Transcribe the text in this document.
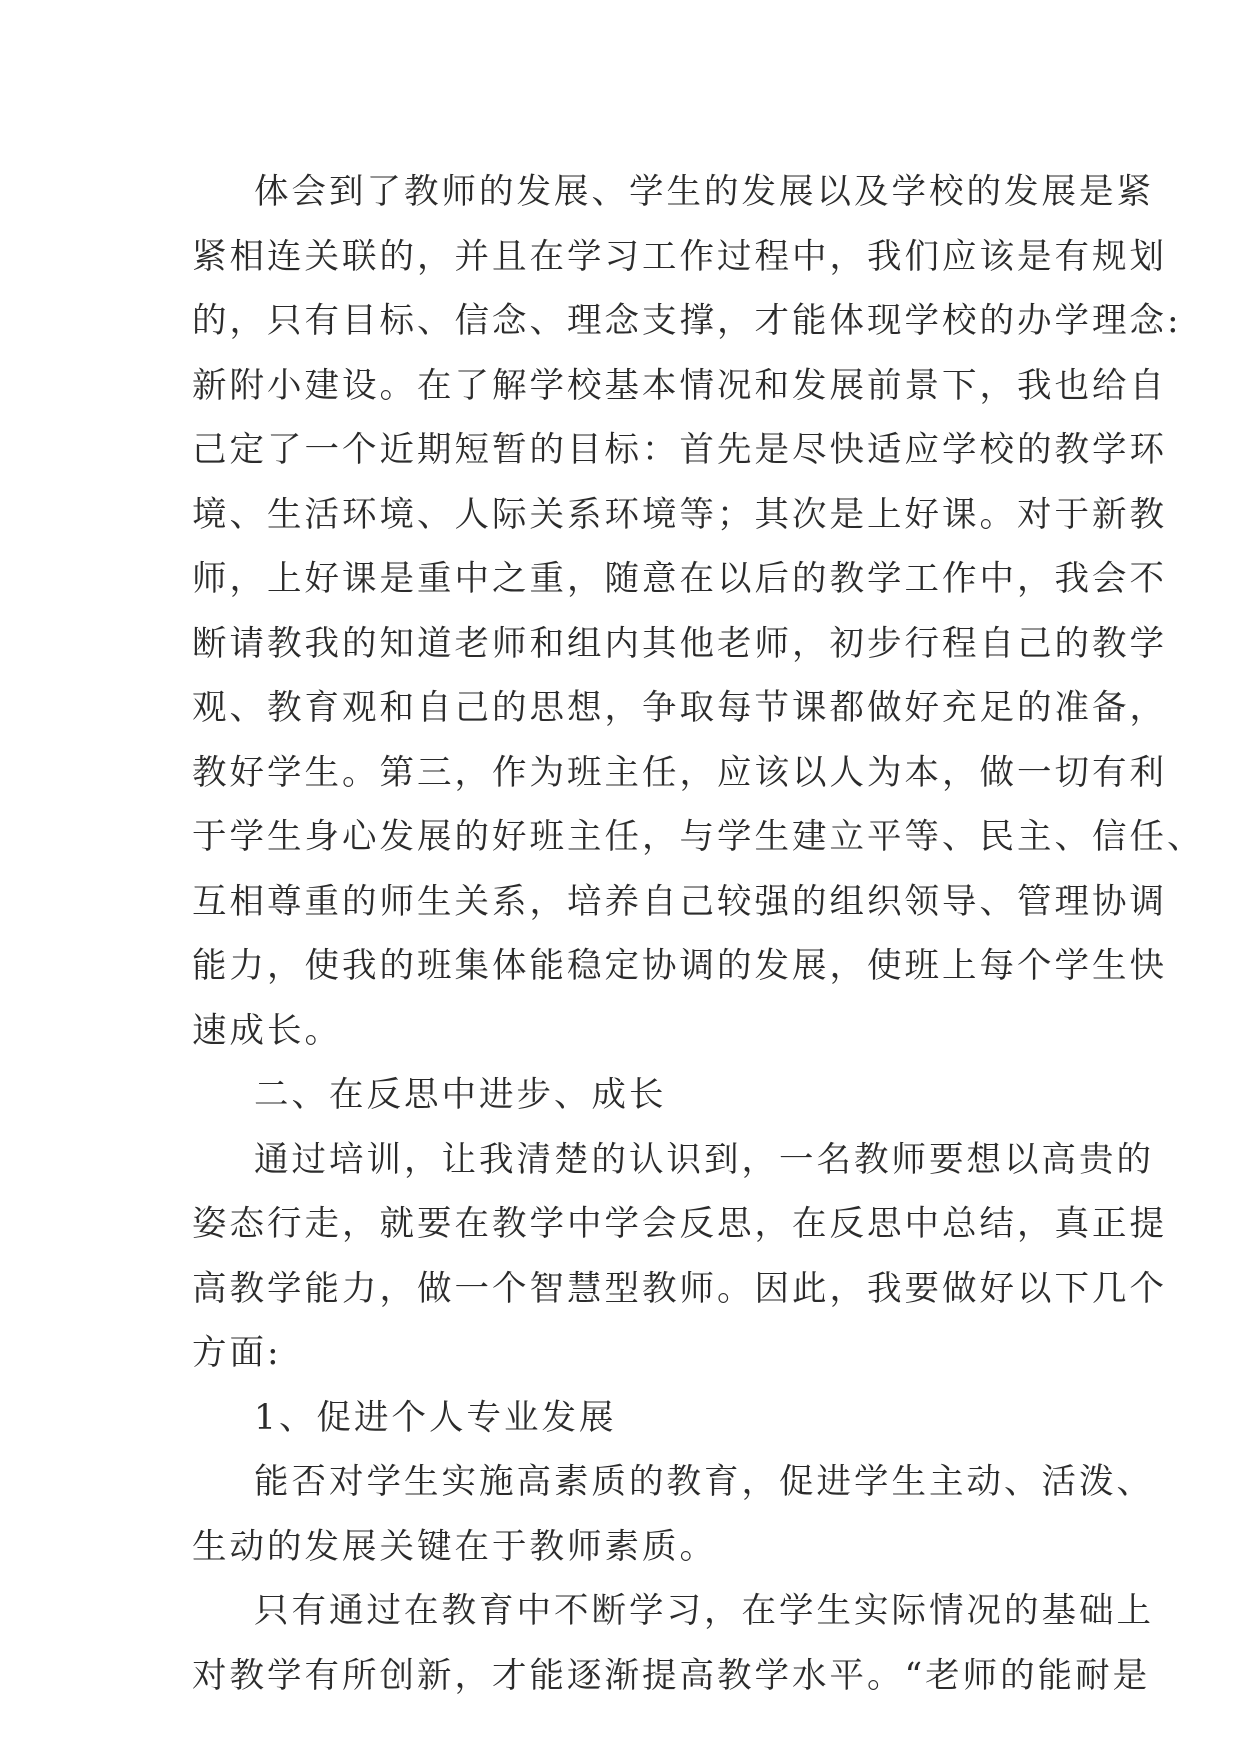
体会到了教师的发展、学生的发展以及学校的发展是紧
紧相连关联的，并且在学习工作过程中，我们应该是有规划
的，只有目标、信念、理念支撑，才能体现学校的办学理念:
新附小建设。在了解学校基本情况和发展前景下，我也给自
己定了一个近期短暂的目标：首先是尽快适应学校的教学环
境、生活环境、人际关系环境等；其次是上好课。对于新教
师，上好课是重中之重，随意在以后的教学工作中，我会不
断请教我的知道老师和组内其他老师，初步行程自己的教学
观、教育观和自己的思想，争取每节课都做好充足的准备，
教好学生。第三，作为班主任，应该以人为本，做一切有利
于学生身心发展的好班主任，与学生建立平等、民主、信任、
互相尊重的师生关系，培养自己较强的组织领导、管理协调
能力，使我的班集体能稳定协调的发展，使班上每个学生快
速成长。
二、在反思中进步、成长
通过培训，让我清楚的认识到，一名教师要想以高贵的
姿态行走，就要在教学中学会反思，在反思中总结，真正提
高教学能力，做一个智慧型教师。因此，我要做好以下几个
方面:
1、促进个人专业发展
能否对学生实施高素质的教育，促进学生主动、活泼、
生动的发展关键在于教师素质。
只有通过在教育中不断学习，在学生实际情况的基础上
对教学有所创新，才能逐渐提高教学水平。“老师的能耐是
